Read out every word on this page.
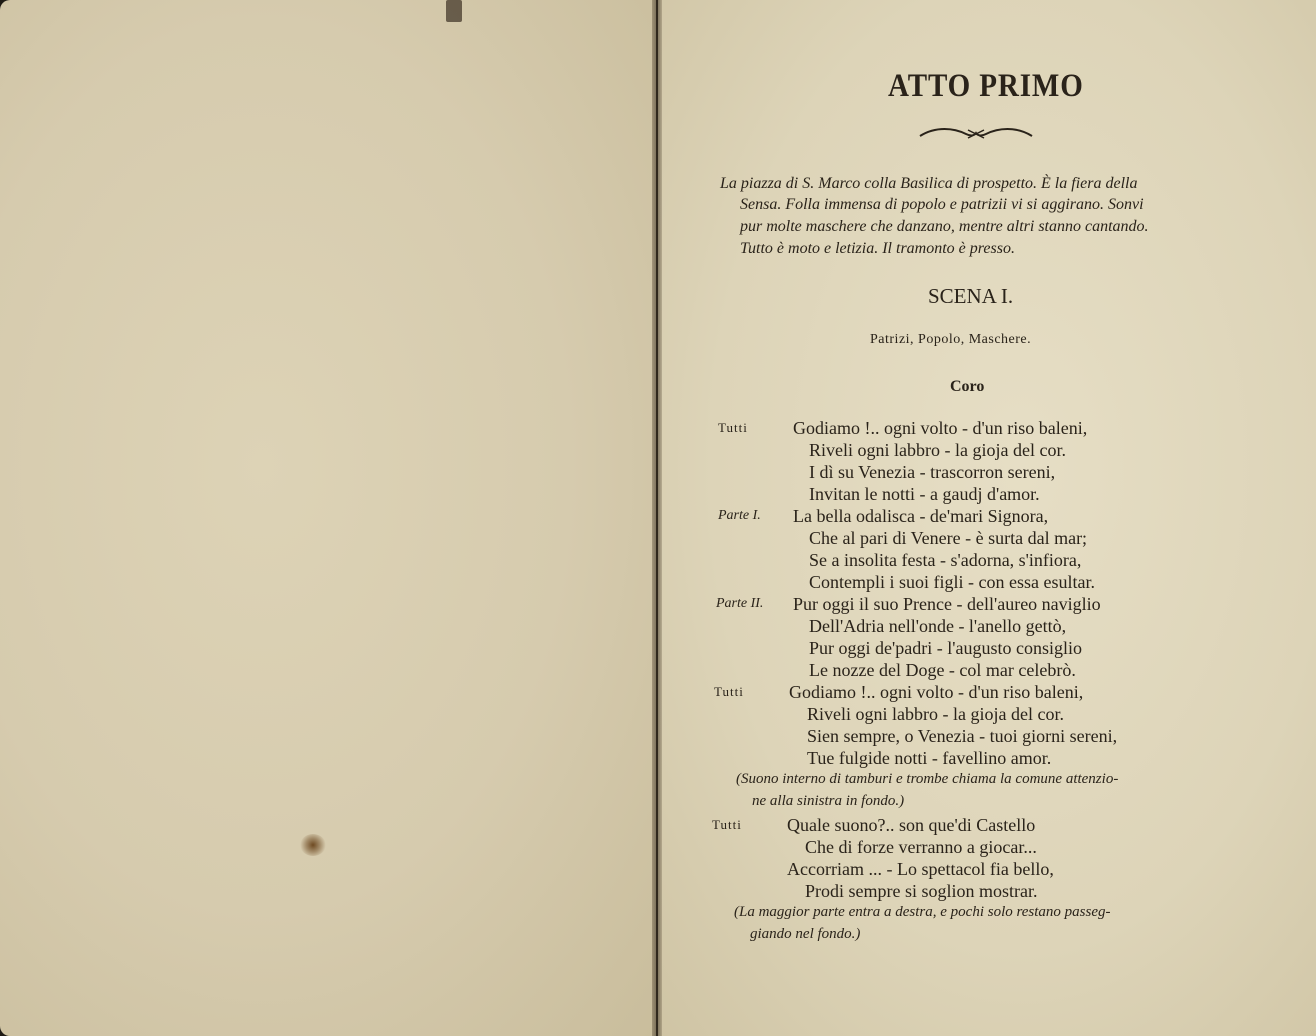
ATTO PRIMO
La piazza di S. Marco colla Basilica di prospetto. È la fiera della
Sensa. Folla immensa di popolo e patrizii vi si aggirano. Sonvi
pur molte maschere che danzano, mentre altri stanno cantando.
Tutto è moto e letizia. Il tramonto è presso.
SCENA I.
Patrizi, Popolo, Maschere.
Coro
Tutti	Godiamo !.. ogni volto - d'un riso baleni,
Riveli ogni labbro - la gioja del cor.
I dì su Venezia - trascorron sereni,
Invitan le notti - a gaudj d'amor.
Parte I. La bella odalisca - de'mari Signora,
Che al pari di Venere - è surta dal mar;
Se a insolita festa - s'adorna, s'infiora,
Contempli i suoi figli - con essa esultar.
Parte II. Pur oggi il suo Prence - dell'aureo naviglio
Dell'Adria nell'onde - l'anello gettò,
Pur oggi de'padri - l'augusto consiglio
Le nozze del Doge - col mar celebrò.
Tutti	Godiamo !.. ogni volto - d'un riso baleni,
Riveli ogni labbro - la gioja del cor.
Sien sempre, o Venezia - tuoi giorni sereni,
Tue fulgide notti - favellino amor.
(Suono interno di tamburi e trombe chiama la comune attenzio-
ne alla sinistra in fondo.)
Tutti	Quale suono?.. son que'di Castello
Che di forze verranno a giocar...
Accorriam ... - Lo spettacol fia bello,
Prodi sempre si soglion mostrar.
(La maggior parte entra a destra, e pochi solo restano passeg-
giando nel fondo.)
